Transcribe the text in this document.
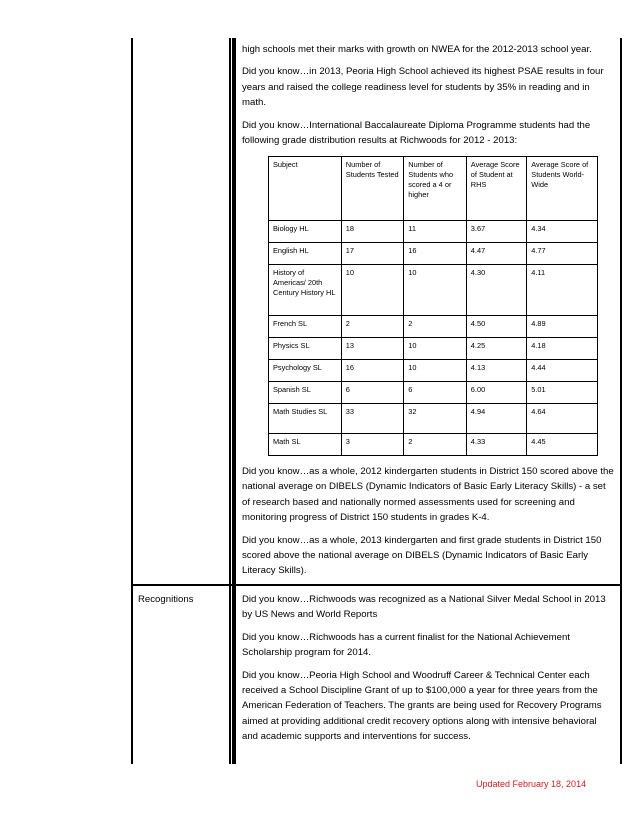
high schools met their marks with growth on NWEA for the 2012-2013 school year.

Did you know…in 2013, Peoria High School achieved its highest PSAE results in four years and raised the college readiness level for students by 35% in reading and in math.

Did you know…International Baccalaureate Diploma Programme students had the following grade distribution results at Richwoods for 2012 - 2013:

Subject	Number of Students Tested	Number of Students who scored a 4 or higher	Average Score of Student at RHS	Average Score of Students World-Wide
Biology HL	18	11	3.67	4.34
English HL	17	16	4.47	4.77
History of Americas/ 20th Century History HL	10	10	4.30	4.11
French SL	2	2	4.50	4.89
Physics SL	13	10	4.25	4.18
Psychology SL	16	10	4.13	4.44
Spanish SL	6	6	6.00	5.01
Math Studies SL	33	32	4.94	4.64
Math SL	3	2	4.33	4.45

Did you know…as a whole, 2012 kindergarten students in District 150 scored above the national average on DIBELS (Dynamic Indicators of Basic Early Literacy Skills) - a set of research based and nationally normed assessments used for screening and monitoring progress of District 150 students in grades K-4.

Did you know…as a whole, 2013 kindergarten and first grade students in District 150 scored above the national average on DIBELS (Dynamic Indicators of Basic Early Literacy Skills).

Recognitions	Did you know…Richwoods was recognized as a National Silver Medal School in 2013 by US News and World Reports

Did you know…Richwoods has a current finalist for the National Achievement Scholarship program for 2014.

Did you know…Peoria High School and Woodruff Career & Technical Center each received a School Discipline Grant of up to $100,000 a year for three years from the American Federation of Teachers. The grants are being used for Recovery Programs aimed at providing additional credit recovery options along with intensive behavioral and academic supports and interventions for success.

Updated February 18, 2014
